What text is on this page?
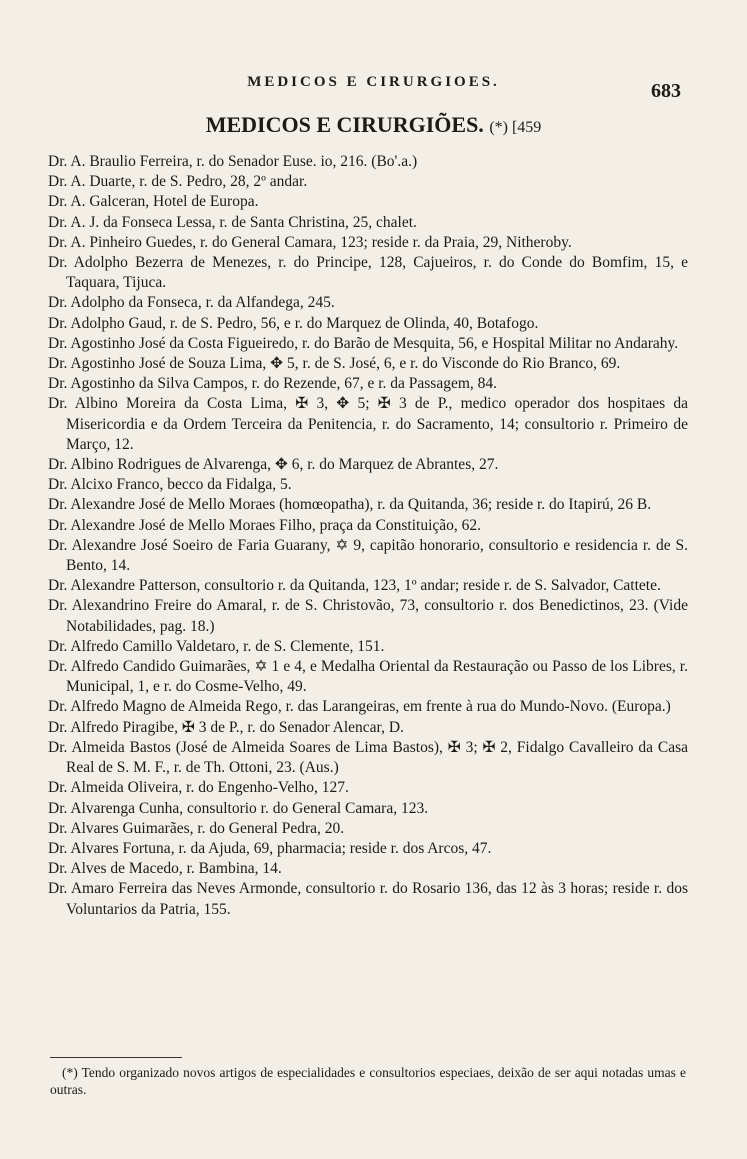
MEDICOS E CIRURGIOES.	683
MEDICOS E CIRURGIÕES. (*) [459

Dr. A. Braulio Ferreira, r. do Senador Euse. io, 216. (Bo'.a.)

Dr. A. Duarte, r. de S. Pedro, 28, 2º andar.

Dr. A. Galceran, Hotel de Europa.

Dr. A. J. da Fonseca Lessa, r. de Santa Christina, 25, chalet.

Dr. A. Pinheiro Guedes, r. do General Camara, 123; reside r. da Praia, 29, Nitheroby.

Dr. Adolpho Bezerra de Menezes, r. do Principe, 128, Cajueiros, r. do Conde do Bomfim, 15, e Taquara, Tijuca.

Dr. Adolpho da Fonseca, r. da Alfandega, 245.

Dr. Adolpho Gaud, r. de S. Pedro, 56, e r. do Marquez de Olinda, 40, Botafogo.

Dr. Agostinho José da Costa Figueiredo, r. do Barão de Mesquita, 56, e Hospital Militar no Andarahy.

Dr. Agostinho José de Souza Lima, ✥ 5, r. de S. José, 6, e r. do Visconde do Rio Branco, 69.

Dr. Agostinho da Silva Campos, r. do Rezende, 67, e r. da Passagem, 84.

Dr. Albino Moreira da Costa Lima, ✠ 3, ✥ 5; ✠ 3 de P., medico operador dos hospitaes da Misericordia e da Ordem Terceira da Penitencia, r. do Sacramento, 14; consultorio r. Primeiro de Março, 12.

Dr. Albino Rodrigues de Alvarenga, ✥ 6, r. do Marquez de Abrantes, 27.

Dr. Alcixo Franco, becco da Fidalga, 5.

Dr. Alexandre José de Mello Moraes (homœopatha), r. da Quitanda, 36; reside r. do Itapirú, 26 B.

Dr. Alexandre José de Mello Moraes Filho, praça da Constituição, 62.

Dr. Alexandre José Soeiro de Faria Guarany, ✡ 9, capitão honorario, consultorio e residencia r. de S. Bento, 14.

Dr. Alexandre Patterson, consultorio r. da Quitanda, 123, 1º andar; reside r. de S. Salvador, Cattete.

Dr. Alexandrino Freire do Amaral, r. de S. Christovão, 73, consultorio r. dos Benedictinos, 23. (Vide Notabilidades, pag. 18.)

Dr. Alfredo Camillo Valdetaro, r. de S. Clemente, 151.

Dr. Alfredo Candido Guimarães, ✡ 1 e 4, e Medalha Oriental da Restauração ou Passo de los Libres, r. Municipal, 1, e r. do Cosme-Velho, 49.

Dr. Alfredo Magno de Almeida Rego, r. das Larangeiras, em frente à rua do Mundo-Novo. (Europa.)

Dr. Alfredo Piragibe, ✠ 3 de P., r. do Senador Alencar, D.

Dr. Almeida Bastos (José de Almeida Soares de Lima Bastos), ✠ 3; ✠ 2, Fidalgo Cavalleiro da Casa Real de S. M. F., r. de Th. Ottoni, 23. (Aus.)

Dr. Almeida Oliveira, r. do Engenho-Velho, 127.

Dr. Alvarenga Cunha, consultorio r. do General Camara, 123.

Dr. Alvares Guimarães, r. do General Pedra, 20.

Dr. Alvares Fortuna, r. da Ajuda, 69, pharmacia; reside r. dos Arcos, 47.

Dr. Alves de Macedo, r. Bambina, 14.

Dr. Amaro Ferreira das Neves Armonde, consultorio r. do Rosario 136, das 12 às 3 horas; reside r. dos Voluntarios da Patria, 155.

(*) Tendo organizado novos artigos de especialidades e consultorios especiaes, deixão de ser aqui notadas umas e outras.
